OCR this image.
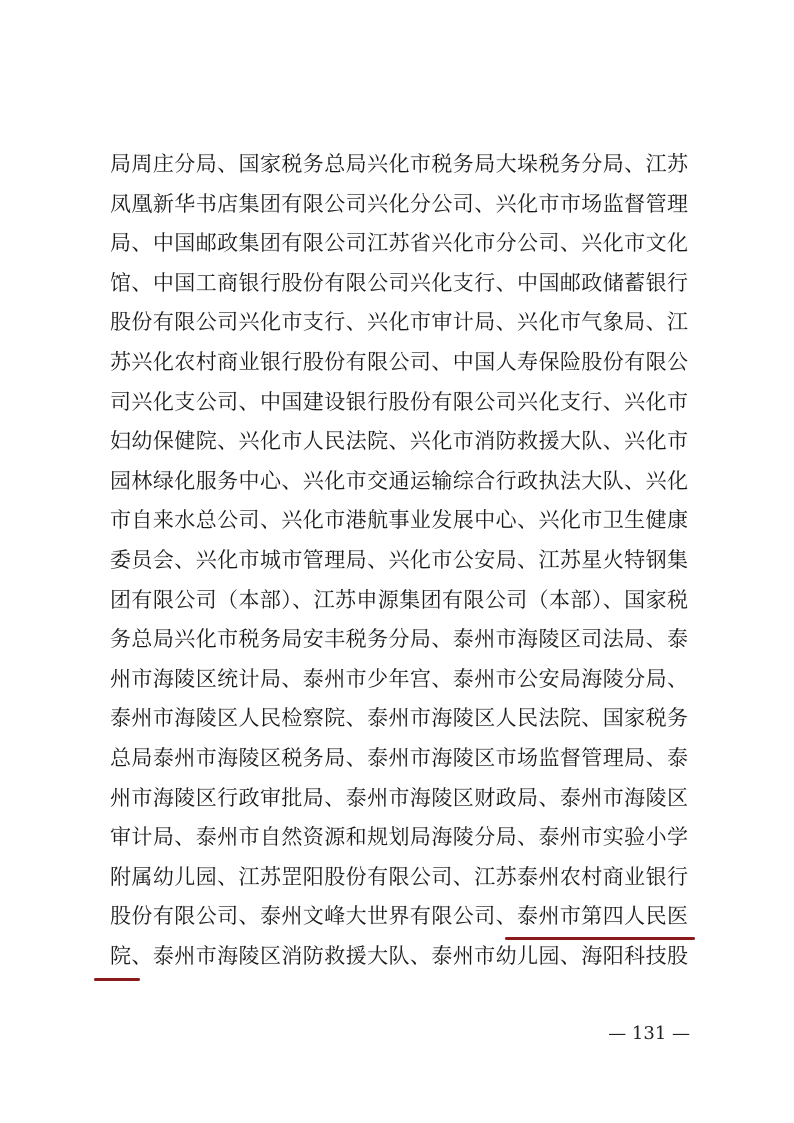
局周庄分局、国家税务总局兴化市税务局大垛税务分局、江苏
凤凰新华书店集团有限公司兴化分公司、兴化市市场监督管理
局、中国邮政集团有限公司江苏省兴化市分公司、兴化市文化
馆、中国工商银行股份有限公司兴化支行、中国邮政储蓄银行
股份有限公司兴化市支行、兴化市审计局、兴化市气象局、江
苏兴化农村商业银行股份有限公司、中国人寿保险股份有限公
司兴化支公司、中国建设银行股份有限公司兴化支行、兴化市
妇幼保健院、兴化市人民法院、兴化市消防救援大队、兴化市
园林绿化服务中心、兴化市交通运输综合行政执法大队、兴化
市自来水总公司、兴化市港航事业发展中心、兴化市卫生健康
委员会、兴化市城市管理局、兴化市公安局、江苏星火特钢集
团有限公司（本部）、江苏申源集团有限公司（本部）、国家税
务总局兴化市税务局安丰税务分局、泰州市海陵区司法局、泰
州市海陵区统计局、泰州市少年宫、泰州市公安局海陵分局、
泰州市海陵区人民检察院、泰州市海陵区人民法院、国家税务
总局泰州市海陵区税务局、泰州市海陵区市场监督管理局、泰
州市海陵区行政审批局、泰州市海陵区财政局、泰州市海陵区
审计局、泰州市自然资源和规划局海陵分局、泰州市实验小学
附属幼儿园、江苏罡阳股份有限公司、江苏泰州农村商业银行
股份有限公司、泰州文峰大世界有限公司、泰州市第四人民医
院、泰州市海陵区消防救援大队、泰州市幼儿园、海阳科技股
— 131 —
